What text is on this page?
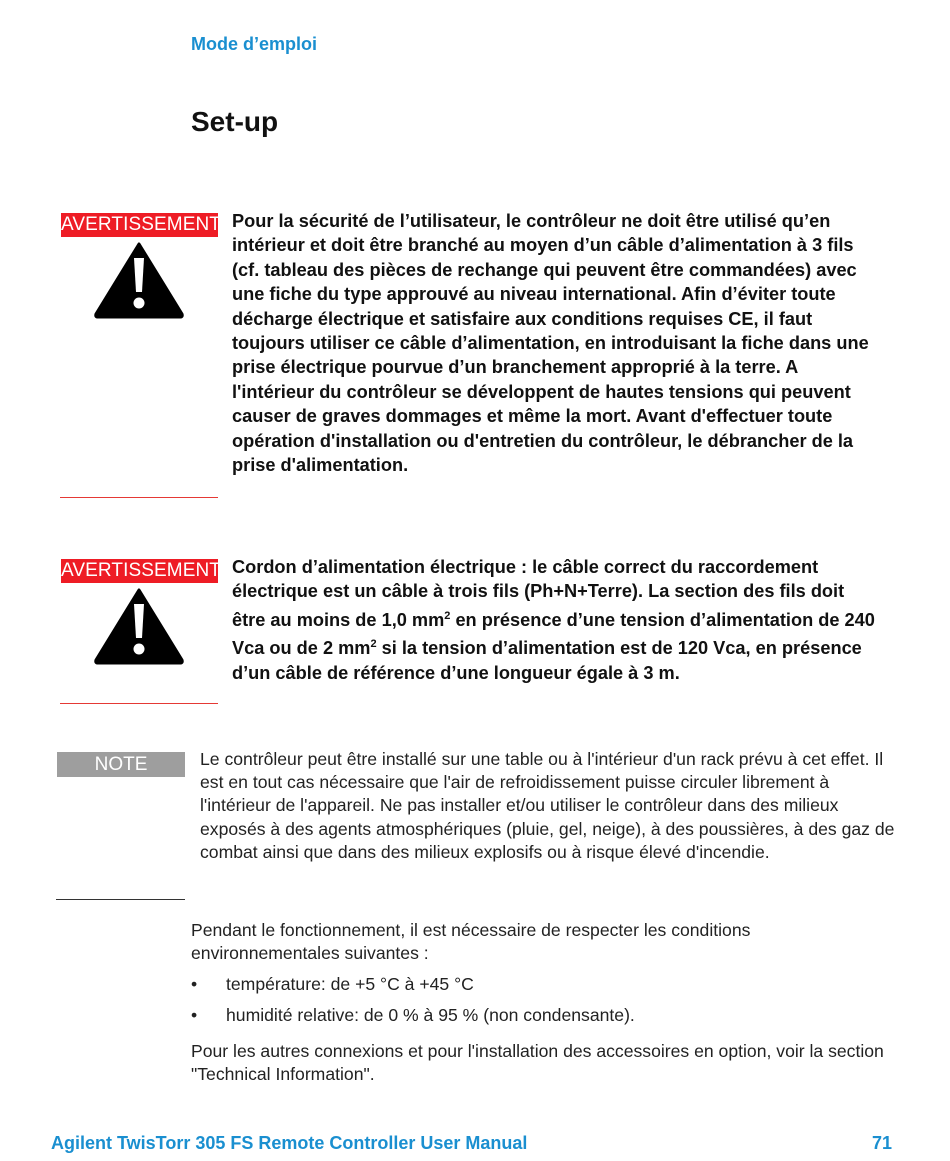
Mode d’emploi
Set-up
AVERTISSEMENT Pour la sécurité de l’utilisateur, le contrôleur ne doit être utilisé qu’en intérieur et doit être branché au moyen d’un câble d’alimentation à 3 fils (cf. tableau des pièces de rechange qui peuvent être commandées) avec une fiche du type approuvé au niveau international. Afin d’éviter toute décharge électrique et satisfaire aux conditions requises CE, il faut toujours utiliser ce câble d’alimentation, en introduisant la fiche dans une prise électrique pourvue d’un branchement approprié à la terre. A l'intérieur du contrôleur se développent de hautes tensions qui peuvent causer de graves dommages et même la mort. Avant d'effectuer toute opération d'installation ou d'entretien du contrôleur, le débrancher de la prise d'alimentation.
AVERTISSEMENT Cordon d’alimentation électrique : le câble correct du raccordement électrique est un câble à trois fils (Ph+N+Terre). La section des fils doit être au moins de 1,0 $mm^2$ en présence d’une tension d’alimentation de 240 Vca ou de 2 $mm^2$ si la tension d’alimentation est de 120 Vca, en présence d’un câble de référence d’une longueur égale à 3 m.
NOTE	Le contrôleur peut être installé sur une table ou à l'intérieur d'un rack prévu à cet effet. Il est en tout cas nécessaire que l'air de refroidissement puisse circuler librement à l'intérieur de l'appareil. Ne pas installer et/ou utiliser le contrôleur dans des milieux exposés à des agents atmosphériques (pluie, gel, neige), à des poussières, à des gaz de combat ainsi que dans des milieux explosifs ou à risque élevé d'incendie.
Pendant le fonctionnement, il est nécessaire de respecter les conditions environnementales suivantes :
• température: de +5 °C à +45 °C
• humidité relative: de 0 % à 95 % (non condensante).
Pour les autres connexions et pour l'installation des accessoires en option, voir la section "Technical Information".
Agilent TwisTorr 305 FS Remote Controller User Manual	71
